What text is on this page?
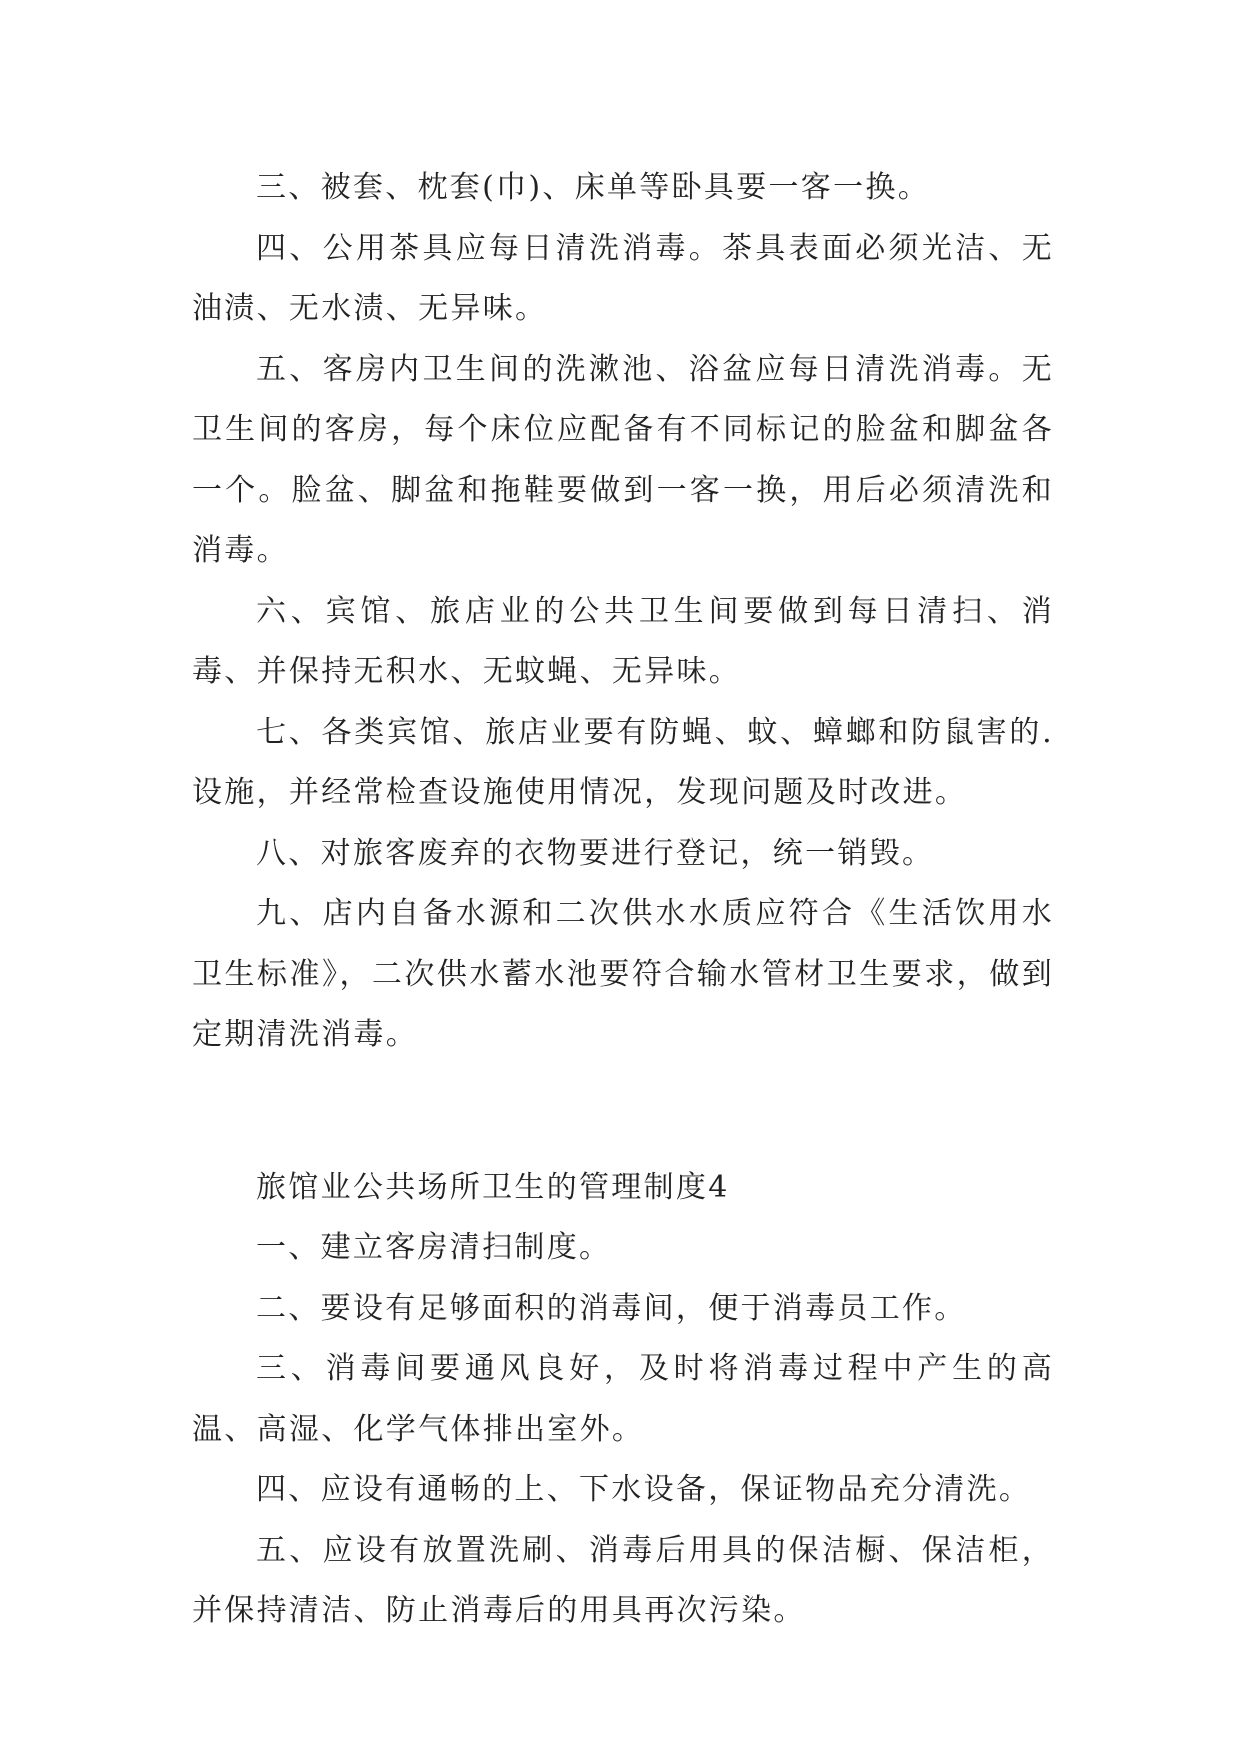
三、被套、枕套(巾)、床单等卧具要一客一换。

四、公用茶具应每日清洗消毒。茶具表面必须光洁、无油渍、无水渍、无异味。

五、客房内卫生间的洗漱池、浴盆应每日清洗消毒。无卫生间的客房，每个床位应配备有不同标记的脸盆和脚盆各一个。脸盆、脚盆和拖鞋要做到一客一换，用后必须清洗和消毒。

六、宾馆、旅店业的公共卫生间要做到每日清扫、消毒、并保持无积水、无蚊蝇、无异味。

七、各类宾馆、旅店业要有防蝇、蚊、蟑螂和防鼠害的.设施，并经常检查设施使用情况，发现问题及时改进。

八、对旅客废弃的衣物要进行登记，统一销毁。

九、店内自备水源和二次供水水质应符合《生活饮用水卫生标准》，二次供水蓄水池要符合输水管材卫生要求，做到定期清洗消毒。

旅馆业公共场所卫生的管理制度4

一、建立客房清扫制度。

二、要设有足够面积的消毒间，便于消毒员工作。

三、消毒间要通风良好，及时将消毒过程中产生的高温、高湿、化学气体排出室外。

四、应设有通畅的上、下水设备，保证物品充分清洗。

五、应设有放置洗刷、消毒后用具的保洁橱、保洁柜，并保持清洁、防止消毒后的用具再次污染。
